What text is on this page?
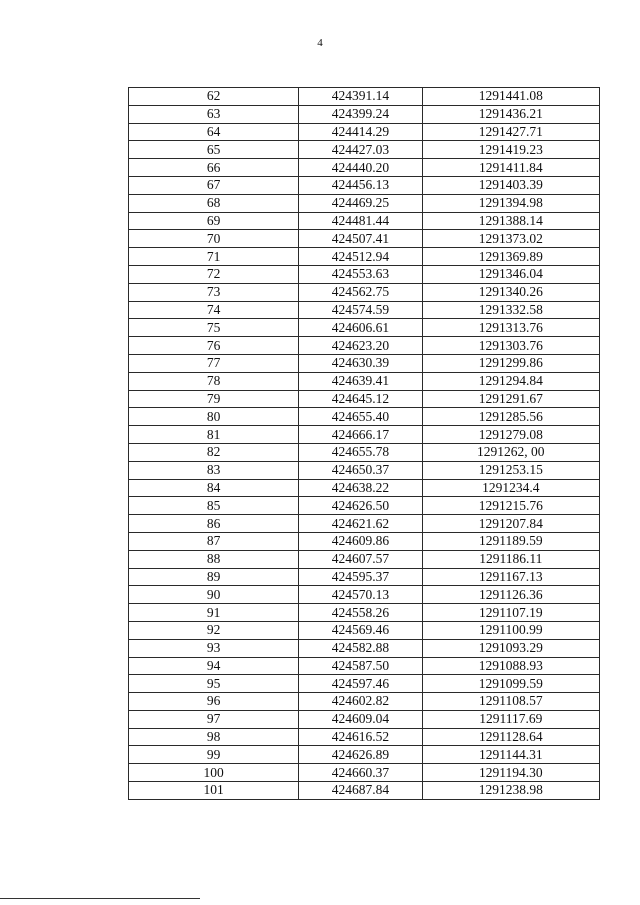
4
62	424391.14	1291441.08
63	424399.24	1291436.21
64	424414.29	1291427.71
65	424427.03	1291419.23
66	424440.20	1291411.84
67	424456.13	1291403.39
68	424469.25	1291394.98
69	424481.44	1291388.14
70	424507.41	1291373.02
71	424512.94	1291369.89
72	424553.63	1291346.04
73	424562.75	1291340.26
74	424574.59	1291332.58
75	424606.61	1291313.76
76	424623.20	1291303.76
77	424630.39	1291299.86
78	424639.41	1291294.84
79	424645.12	1291291.67
80	424655.40	1291285.56
81	424666.17	1291279.08
82	424655.78	1291262, 00
83	424650.37	1291253.15
84	424638.22	1291234.4
85	424626.50	1291215.76
86	424621.62	1291207.84
87	424609.86	1291189.59
88	424607.57	1291186.11
89	424595.37	1291167.13
90	424570.13	1291126.36
91	424558.26	1291107.19
92	424569.46	1291100.99
93	424582.88	1291093.29
94	424587.50	1291088.93
95	424597.46	1291099.59
96	424602.82	1291108.57
97	424609.04	1291117.69
98	424616.52	1291128.64
99	424626.89	1291144.31
100	424660.37	1291194.30
101	424687.84	1291238.98
